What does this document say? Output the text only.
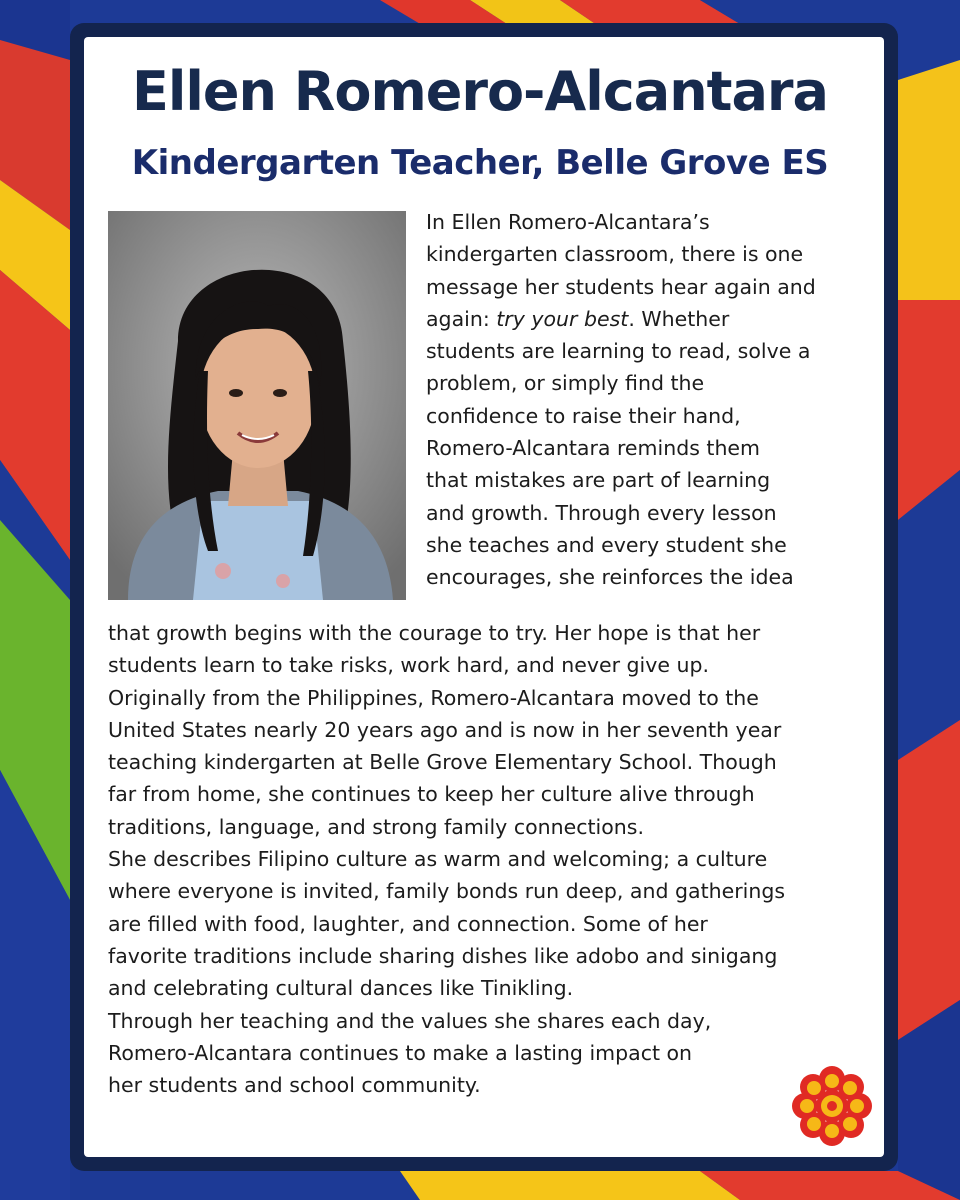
Ellen Romero-Alcantara
Kindergarten Teacher, Belle Grove ES
In Ellen Romero-Alcantara’s
kindergarten classroom, there is one
message her students hear again and
again: try your best. Whether
students are learning to read, solve a
problem, or simply find the
confidence to raise their hand,
Romero-Alcantara reminds them
that mistakes are part of learning
and growth. Through every lesson
she teaches and every student she
encourages, she reinforces the idea
that growth begins with the courage to try. Her hope is that her
students learn to take risks, work hard, and never give up.
Originally from the Philippines, Romero-Alcantara moved to the
United States nearly 20 years ago and is now in her seventh year
teaching kindergarten at Belle Grove Elementary School. Though
far from home, she continues to keep her culture alive through
traditions, language, and strong family connections.
She describes Filipino culture as warm and welcoming; a culture
where everyone is invited, family bonds run deep, and gatherings
are filled with food, laughter, and connection. Some of her
favorite traditions include sharing dishes like adobo and sinigang
and celebrating cultural dances like Tinikling.
Through her teaching and the values she shares each day,
Romero-Alcantara continues to make a lasting impact on
her students and school community.
